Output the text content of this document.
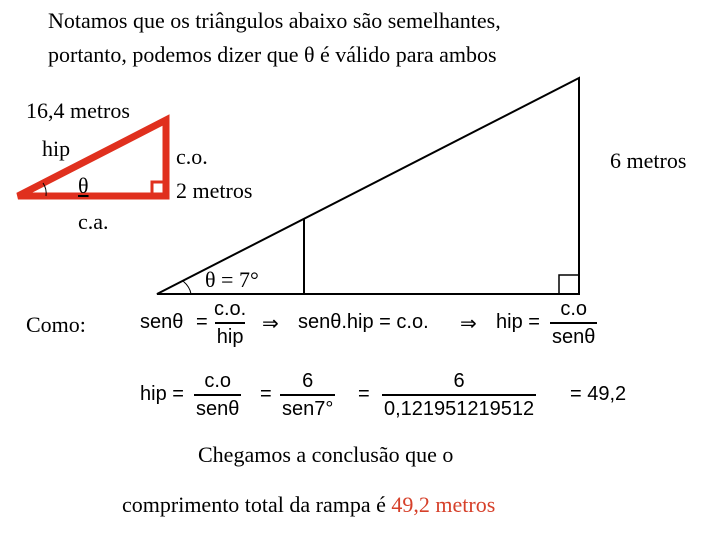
Notamos que os triângulos abaixo são semelhantes,
portanto, podemos dizer que θ é válido para ambos
16,4 metros
hip
θ
c.a.
c.o.
2 metros
θ = 7°
6 metros
Como:	senθ =
c.o.
hip
⇒ senθ.hip = c.o. ⇒ hip =
c.o
senθ
hip =
c.o
senθ
=
6
sen7°
= $\frac{6}{0,121951219512} = 49,2$
Chegamos a conclusão que o
comprimento total da rampa é 49,2 metros
